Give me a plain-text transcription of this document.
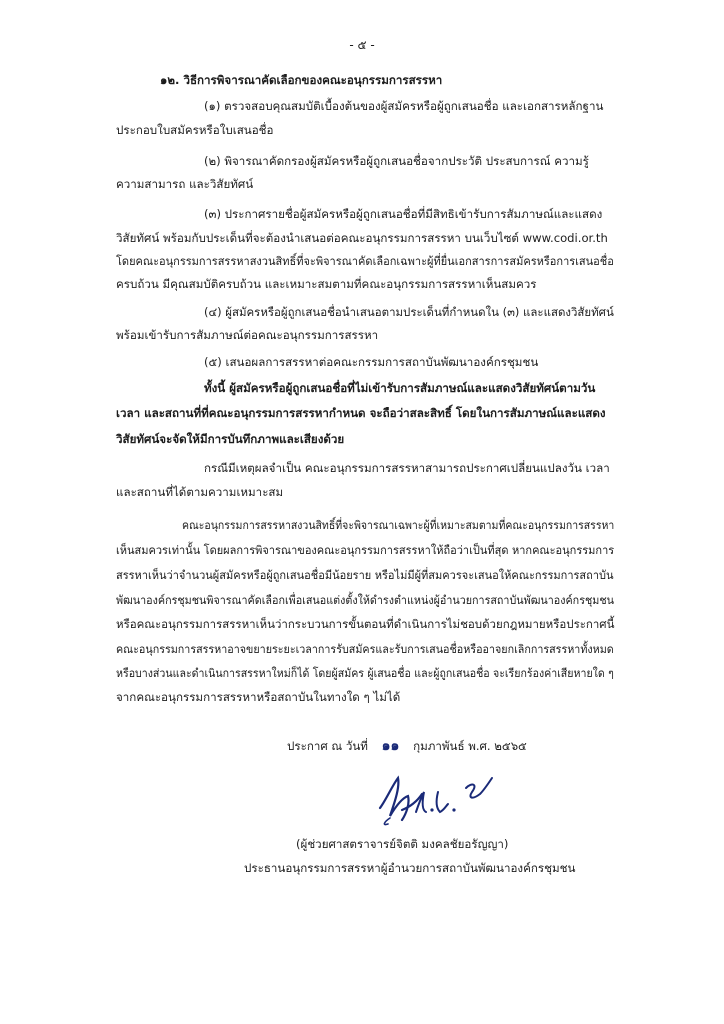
- ๕ -
๑๒. วิธีการพิจารณาคัดเลือกของคณะอนุกรรมการสรรหา
(๑) ตรวจสอบคุณสมบัติเบื้องต้นของผู้สมัครหรือผู้ถูกเสนอชื่อ และเอกสารหลักฐาน
ประกอบใบสมัครหรือใบเสนอชื่อ
(๒) พิจารณาคัดกรองผู้สมัครหรือผู้ถูกเสนอชื่อจากประวัติ ประสบการณ์ ความรู้
ความสามารถ และวิสัยทัศน์
(๓) ประกาศรายชื่อผู้สมัครหรือผู้ถูกเสนอชื่อที่มีสิทธิเข้ารับการสัมภาษณ์และแสดง
วิสัยทัศน์ พร้อมกับประเด็นที่จะต้องนำเสนอต่อคณะอนุกรรมการสรรหา บนเว็บไซต์ www.codi.or.th
โดยคณะอนุกรรมการสรรหาสงวนสิทธิ์ที่จะพิจารณาคัดเลือกเฉพาะผู้ที่ยื่นเอกสารการสมัครหรือการเสนอชื่อ
ครบถ้วน มีคุณสมบัติครบถ้วน และเหมาะสมตามที่คณะอนุกรรมการสรรหาเห็นสมควร
(๔) ผู้สมัครหรือผู้ถูกเสนอชื่อนำเสนอตามประเด็นที่กำหนดใน (๓) และแสดงวิสัยทัศน์
พร้อมเข้ารับการสัมภาษณ์ต่อคณะอนุกรรมการสรรหา
(๕) เสนอผลการสรรหาต่อคณะกรรมการสถาบันพัฒนาองค์กรชุมชน
ทั้งนี้ ผู้สมัครหรือผู้ถูกเสนอชื่อที่ไม่เข้ารับการสัมภาษณ์และแสดงวิสัยทัศน์ตามวัน
เวลา และสถานที่ที่คณะอนุกรรมการสรรหากำหนด จะถือว่าสละสิทธิ์ โดยในการสัมภาษณ์และแสดง
วิสัยทัศน์จะจัดให้มีการบันทึกภาพและเสียงด้วย
กรณีมีเหตุผลจำเป็น คณะอนุกรรมการสรรหาสามารถประกาศเปลี่ยนแปลงวัน เวลา
และสถานที่ได้ตามความเหมาะสม
คณะอนุกรรมการสรรหาสงวนสิทธิ์ที่จะพิจารณาเฉพาะผู้ที่เหมาะสมตามที่คณะอนุกรรมการสรรหา
เห็นสมควรเท่านั้น โดยผลการพิจารณาของคณะอนุกรรมการสรรหาให้ถือว่าเป็นที่สุด หากคณะอนุกรรมการ
สรรหาเห็นว่าจำนวนผู้สมัครหรือผู้ถูกเสนอชื่อมีน้อยราย หรือไม่มีผู้ที่สมควรจะเสนอให้คณะกรรมการสถาบัน
พัฒนาองค์กรชุมชนพิจารณาคัดเลือกเพื่อเสนอแต่งตั้งให้ดำรงตำแหน่งผู้อำนวยการสถาบันพัฒนาองค์กรชุมชน
หรือคณะอนุกรรมการสรรหาเห็นว่ากระบวนการขั้นตอนที่ดำเนินการไม่ชอบด้วยกฎหมายหรือประกาศนี้
คณะอนุกรรมการสรรหาอาจขยายระยะเวลาการรับสมัครและรับการเสนอชื่อหรืออาจยกเลิกการสรรหาทั้งหมด
หรือบางส่วนและดำเนินการสรรหาใหม่ก็ได้ โดยผู้สมัคร ผู้เสนอชื่อ และผู้ถูกเสนอชื่อ จะเรียกร้องค่าเสียหายใด ๆ
จากคณะอนุกรรมการสรรหาหรือสถาบันในทางใด ๆ ไม่ได้
ประกาศ ณ วันที่ ๑๑ กุมภาพันธ์ พ.ศ. ๒๕๖๕
(ผู้ช่วยศาสตราจารย์จิตติ มงคลชัยอรัญญา)
ประธานอนุกรรมการสรรหาผู้อำนวยการสถาบันพัฒนาองค์กรชุมชน
